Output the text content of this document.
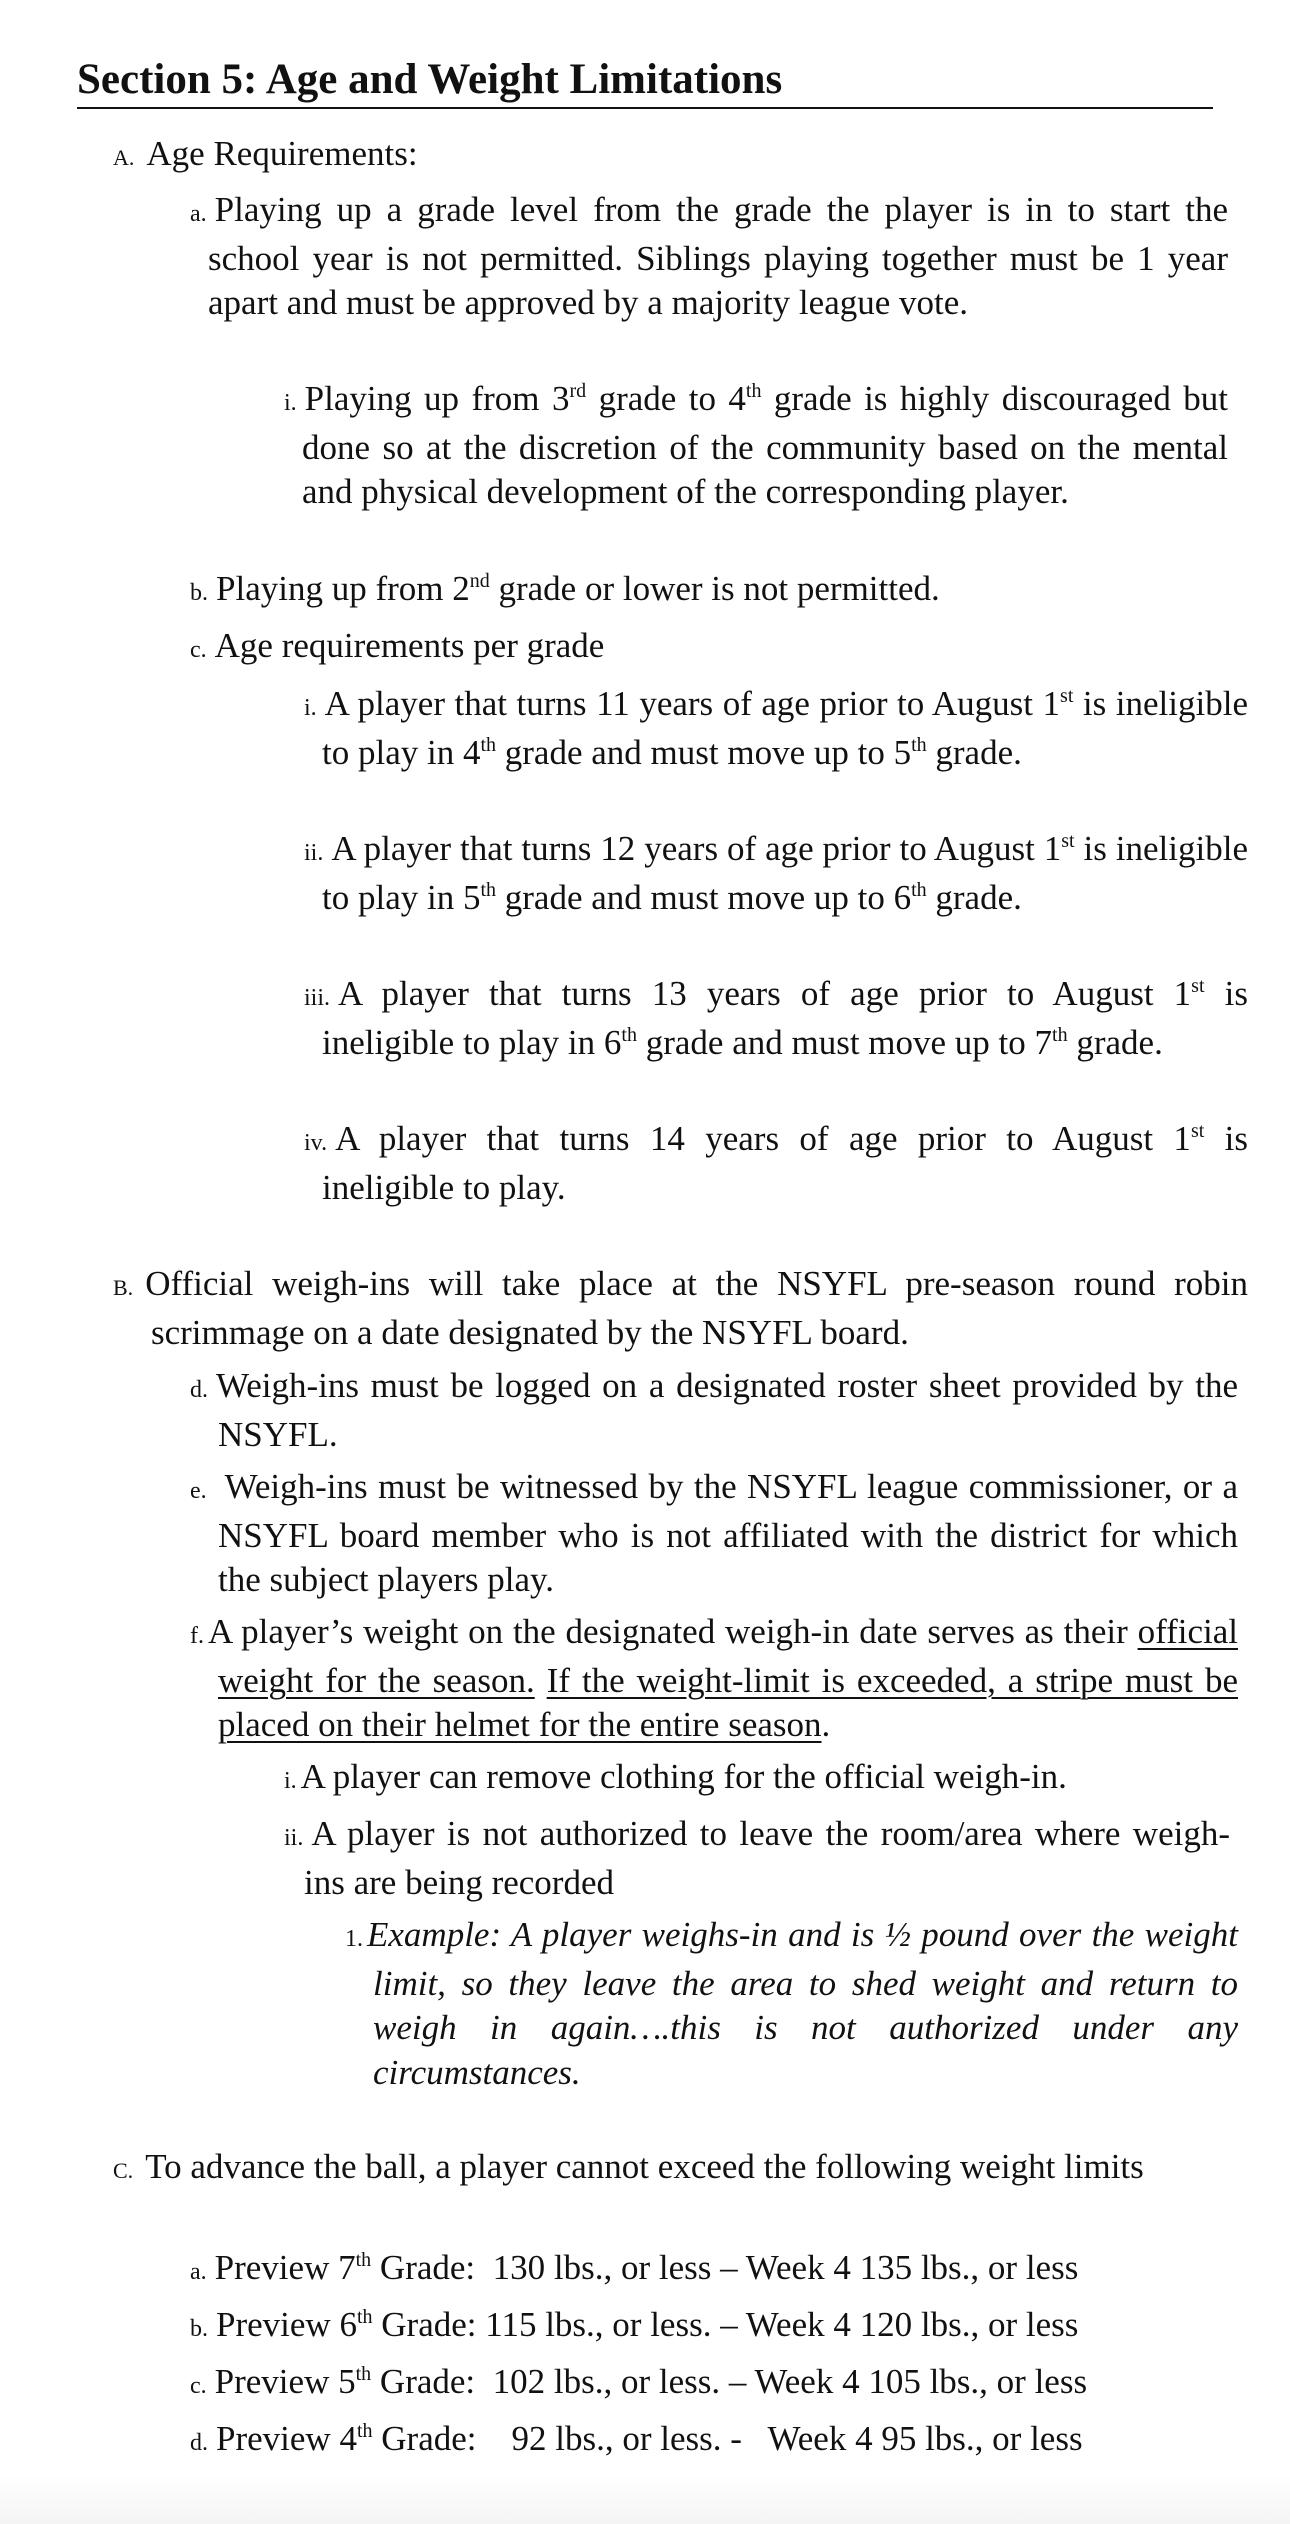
Section 5: Age and Weight Limitations

A. Age Requirements:

a. Playing up a grade level from the grade the player is in to start the school year is not permitted. Siblings playing together must be 1 year apart and must be approved by a majority league vote.

i. Playing up from 3rd grade to 4th grade is highly discouraged but done so at the discretion of the community based on the mental and physical development of the corresponding player.

b. Playing up from 2nd grade or lower is not permitted.

c. Age requirements per grade

i. A player that turns 11 years of age prior to August 1st is ineligible to play in 4th grade and must move up to 5th grade.

ii. A player that turns 12 years of age prior to August 1st is ineligible to play in 5th grade and must move up to 6th grade.

iii. A player that turns 13 years of age prior to August 1st is ineligible to play in 6th grade and must move up to 7th grade.

iv. A player that turns 14 years of age prior to August 1st is ineligible to play.

B. Official weigh-ins will take place at the NSYFL pre-season round robin scrimmage on a date designated by the NSYFL board.

d. Weigh-ins must be logged on a designated roster sheet provided by the NSYFL.

e. Weigh-ins must be witnessed by the NSYFL league commissioner, or a NSYFL board member who is not affiliated with the district for which the subject players play.

f. A player’s weight on the designated weigh-in date serves as their official weight for the season. If the weight-limit is exceeded, a stripe must be placed on their helmet for the entire season.

i. A player can remove clothing for the official weigh-in.

ii. A player is not authorized to leave the room/area where weigh-ins are being recorded

1. Example: A player weighs-in and is ½ pound over the weight limit, so they leave the area to shed weight and return to weigh in again….this is not authorized under any circumstances.

C. To advance the ball, a player cannot exceed the following weight limits

a. Preview 7th Grade:  130 lbs., or less – Week 4 135 lbs., or less

b. Preview 6th Grade: 115 lbs., or less. – Week 4 120 lbs., or less

c. Preview 5th Grade:  102 lbs., or less. – Week 4 105 lbs., or less

d. Preview 4th Grade:    92 lbs., or less. -   Week 4 95 lbs., or less
